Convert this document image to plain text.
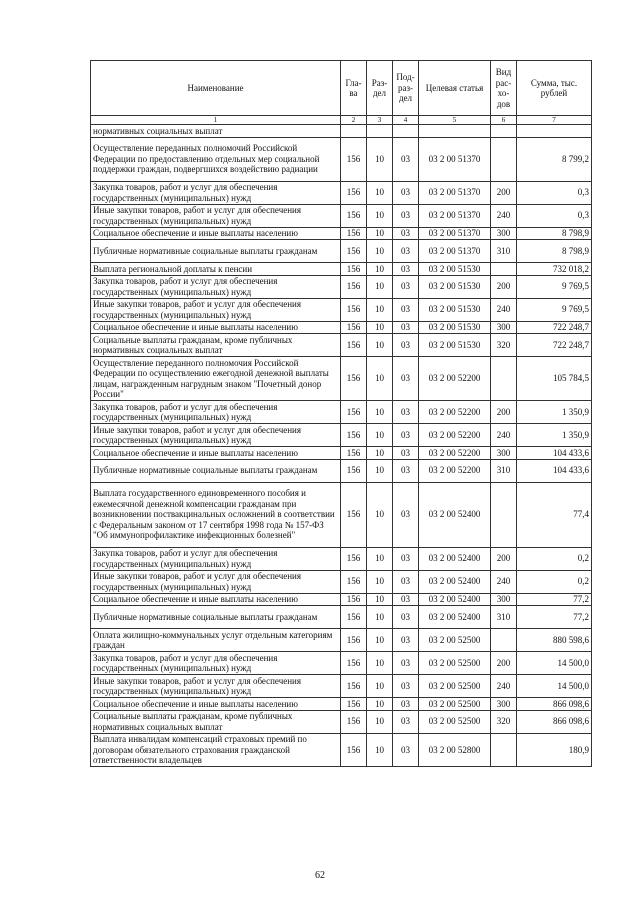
Наименование	Гла-ва	Раз-дел	Под-раз-дел	Целевая статья	Вид рас-хо-дов	Сумма, тыс. рублей
1	2	3	4	5	6	7
нормативных социальных выплат						
Осуществление переданных полномочий Российской Федерации по предоставлению отдельных мер социальной поддержки граждан, подвергшихся воздействию радиации	156	10	03	03 2 00 51370		8 799,2
Закупка товаров, работ и услуг для обеспечения государственных (муниципальных) нужд	156	10	03	03 2 00 51370	200	0,3
Иные закупки товаров, работ и услуг для обеспечения государственных (муниципальных) нужд	156	10	03	03 2 00 51370	240	0,3
Социальное обеспечение и иные выплаты населению	156	10	03	03 2 00 51370	300	8 798,9
Публичные нормативные социальные выплаты гражданам	156	10	03	03 2 00 51370	310	8 798,9
Выплата региональной доплаты к пенсии	156	10	03	03 2 00 51530		732 018,2
Закупка товаров, работ и услуг для обеспечения государственных (муниципальных) нужд	156	10	03	03 2 00 51530	200	9 769,5
Иные закупки товаров, работ и услуг для обеспечения государственных (муниципальных) нужд	156	10	03	03 2 00 51530	240	9 769,5
Социальное обеспечение и иные выплаты населению	156	10	03	03 2 00 51530	300	722 248,7
Социальные выплаты гражданам, кроме публичных нормативных социальных выплат	156	10	03	03 2 00 51530	320	722 248,7
Осуществление переданного полномочия Российской Федерации по осуществлению ежегодной денежной выплаты лицам, награжденным нагрудным знаком "Почетный донор России"	156	10	03	03 2 00 52200		105 784,5
Закупка товаров, работ и услуг для обеспечения государственных (муниципальных) нужд	156	10	03	03 2 00 52200	200	1 350,9
Иные закупки товаров, работ и услуг для обеспечения государственных (муниципальных) нужд	156	10	03	03 2 00 52200	240	1 350,9
Социальное обеспечение и иные выплаты населению	156	10	03	03 2 00 52200	300	104 433,6
Публичные нормативные социальные выплаты гражданам	156	10	03	03 2 00 52200	310	104 433,6
Выплата государственного единовременного пособия и ежемесячной денежной компенсации гражданам при возникновении поствакцинальных осложнений в соответствии с Федеральным законом от 17 сентября 1998 года № 157-ФЗ "Об иммунопрофилактике инфекционных болезней"	156	10	03	03 2 00 52400		77,4
Закупка товаров, работ и услуг для обеспечения государственных (муниципальных) нужд	156	10	03	03 2 00 52400	200	0,2
Иные закупки товаров, работ и услуг для обеспечения государственных (муниципальных) нужд	156	10	03	03 2 00 52400	240	0,2
Социальное обеспечение и иные выплаты населению	156	10	03	03 2 00 52400	300	77,2
Публичные нормативные социальные выплаты гражданам	156	10	03	03 2 00 52400	310	77,2
Оплата жилищно-коммунальных услуг отдельным категориям граждан	156	10	03	03 2 00 52500		880 598,6
Закупка товаров, работ и услуг для обеспечения государственных (муниципальных) нужд	156	10	03	03 2 00 52500	200	14 500,0
Иные закупки товаров, работ и услуг для обеспечения государственных (муниципальных) нужд	156	10	03	03 2 00 52500	240	14 500,0
Социальное обеспечение и иные выплаты населению	156	10	03	03 2 00 52500	300	866 098,6
Социальные выплаты гражданам, кроме публичных нормативных социальных выплат	156	10	03	03 2 00 52500	320	866 098,6
Выплата инвалидам компенсаций страховых премий по договорам обязательного страхования гражданской ответственности владельцев	156	10	03	03 2 00 52800		180,9
62
